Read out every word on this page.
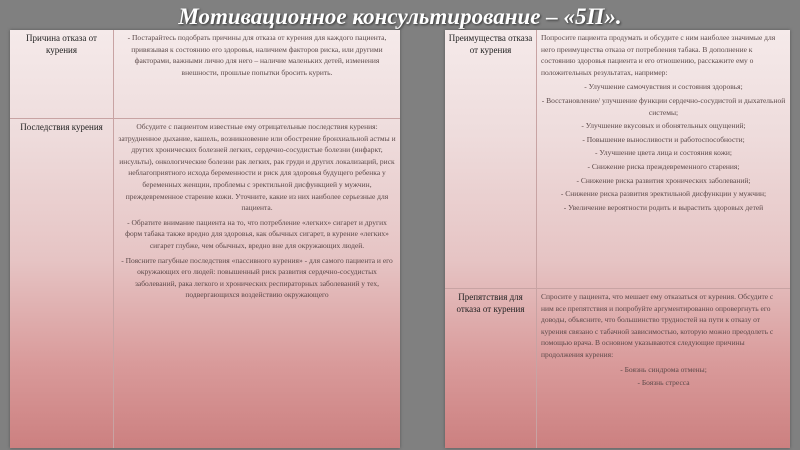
Мотивационное консультирование – «5П».
Причина отказа от курения

- Постарайтесь подобрать причины для отказа от курения для каждого пациента, привязывая к состоянию его здоровья, наличием факторов риска, или другими факторами, важными лично для него – наличие маленьких детей, изменения внешности, прошлые попытки бросить курить.

Последствия курения	Обсудите с пациентом известные ему отрицательные последствия курения: затрудненное дыхание, кашель, возникновение или обострение бронхиальной астмы и других хронических болезней легких, сердечно-сосудистые болезни (инфаркт, инсульты), онкологические болезни рак легких, рак груди и других локализаций, риск неблагоприятного исхода беременности и риск для здоровья будущего ребенка у беременных женщин, проблемы с эректильной дисфункцией у мужчин, преждевременное старение кожи. Уточните, какие из них наиболее серьезные для пациента.

- Обратите внимание пациента на то, что потребление «легких» сигарет и других форм табака также вредно для здоровья, как обычных сигарет, в курение «легких» сигарет глубже, чем обычных, вредно вне для окружающих людей.

- Поясните пагубные последствия «пассивного курения» - для самого пациента и его окружающих его людей: повышенный риск развития сердечно-сосудистых заболеваний, рака легкого и хронических респираторных заболеваний у тех, подвергающихся воздействию окружающего

Преимущества отказа от курения

Попросите пациента продумать и обсудите с ним наиболее значимые для него преимущества отказа от потребления табака. В дополнение к состоянию здоровья пациента и его отношению, расскажите ему о положительных результатах, например:

- Улучшение самочувствия и состояния здоровья;
- Восстановление/ улучшение функции сердечно-сосудистой и дыхательной системы;
- Улучшение вкусовых и обонятельных ощущений;
- Повышение выносливости и работоспособности;
- Улучшение цвета лица и состояния кожи;
- Снижение риска преждевременного старения;
- Снижение риска развития хронических заболеваний;
- Снижение риска развития эректильной дисфункции у мужчин;
- Увеличение вероятности родить и вырастить здоровых детей
Препятствия для отказа от курения

Спросите у пациента, что мешает ему отказаться от курения. Обсудите с ним все препятствия и попробуйте аргументированно опровергнуть его доводы, объясните, что большинство трудностей на пути к отказу от курения связано с табачной зависимостью, которую можно преодолеть с помощью врача. В основном указываются следующие причины продолжения курения:

- Боязнь синдрома отмены;
- Боязнь стресса
